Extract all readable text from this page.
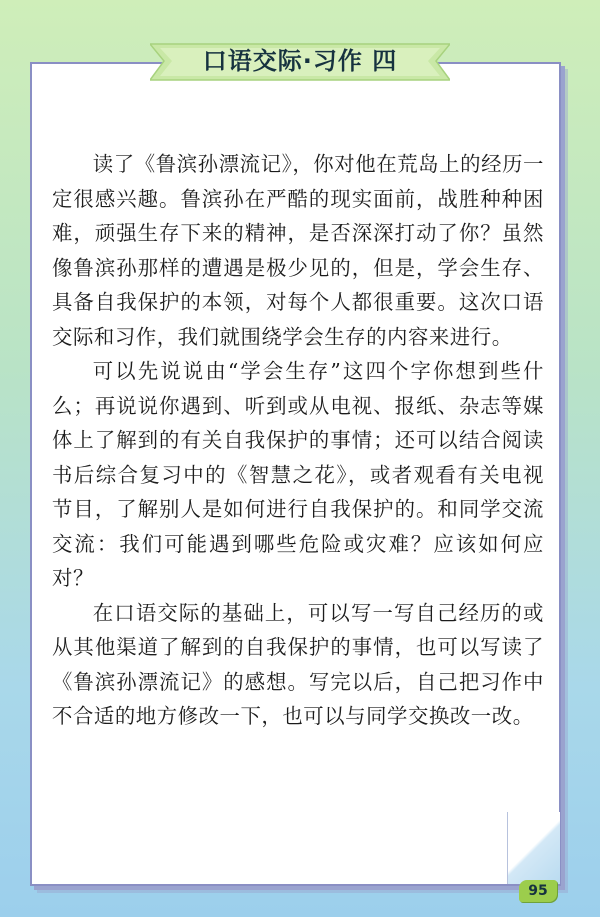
口语交际·习作 四

读了《鲁滨孙漂流记》，你对他在荒岛上的经历一定很感兴趣。鲁滨孙在严酷的现实面前，战胜种种困难，顽强生存下来的精神，是否深深打动了你？虽然像鲁滨孙那样的遭遇是极少见的，但是，学会生存、具备自我保护的本领，对每个人都很重要。这次口语交际和习作，我们就围绕学会生存的内容来进行。

可以先说说由“学会生存”这四个字你想到些什么；再说说你遇到、听到或从电视、报纸、杂志等媒体上了解到的有关自我保护的事情；还可以结合阅读书后综合复习中的《智慧之花》，或者观看有关电视节目，了解别人是如何进行自我保护的。和同学交流交流：我们可能遇到哪些危险或灾难？应该如何应对？

在口语交际的基础上，可以写一写自己经历的或从其他渠道了解到的自我保护的事情，也可以写读了《鲁滨孙漂流记》的感想。写完以后，自己把习作中不合适的地方修改一下，也可以与同学交换改一改。

95
